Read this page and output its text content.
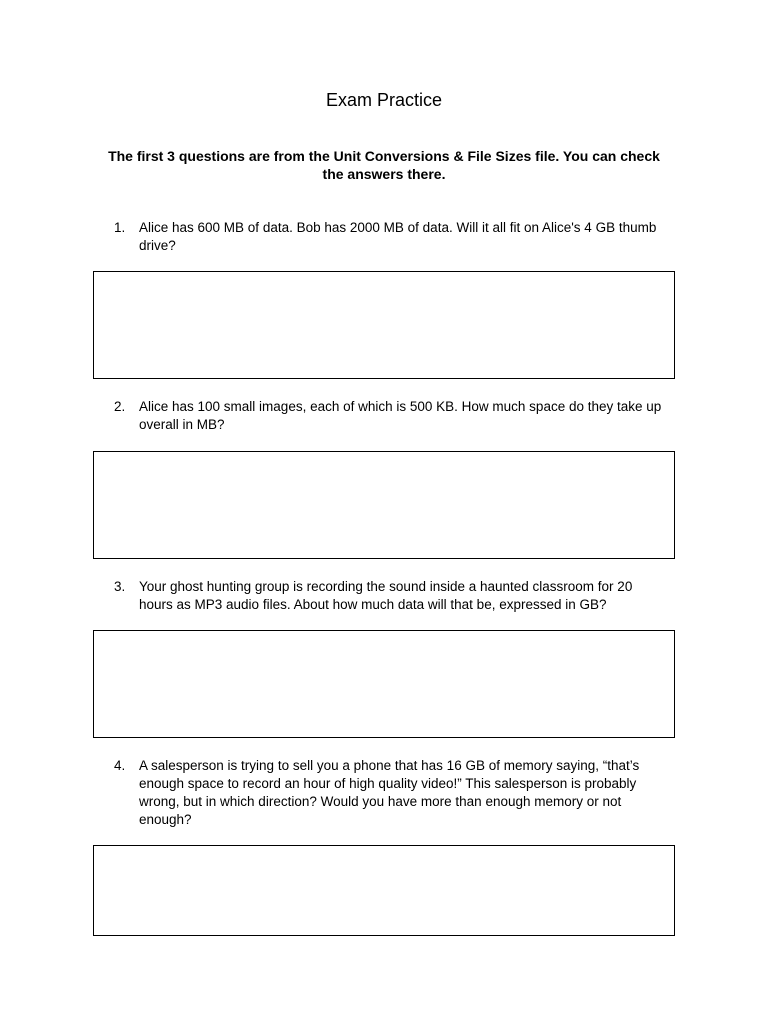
Exam Practice
The first 3 questions are from the Unit Conversions & File Sizes file. You can check the answers there.
1. Alice has 600 MB of data. Bob has 2000 MB of data. Will it all fit on Alice's 4 GB thumb drive?
2. Alice has 100 small images, each of which is 500 KB. How much space do they take up overall in MB?
3. Your ghost hunting group is recording the sound inside a haunted classroom for 20 hours as MP3 audio files. About how much data will that be, expressed in GB?
4. A salesperson is trying to sell you a phone that has 16 GB of memory saying, “that’s enough space to record an hour of high quality video!” This salesperson is probably wrong, but in which direction? Would you have more than enough memory or not enough?
